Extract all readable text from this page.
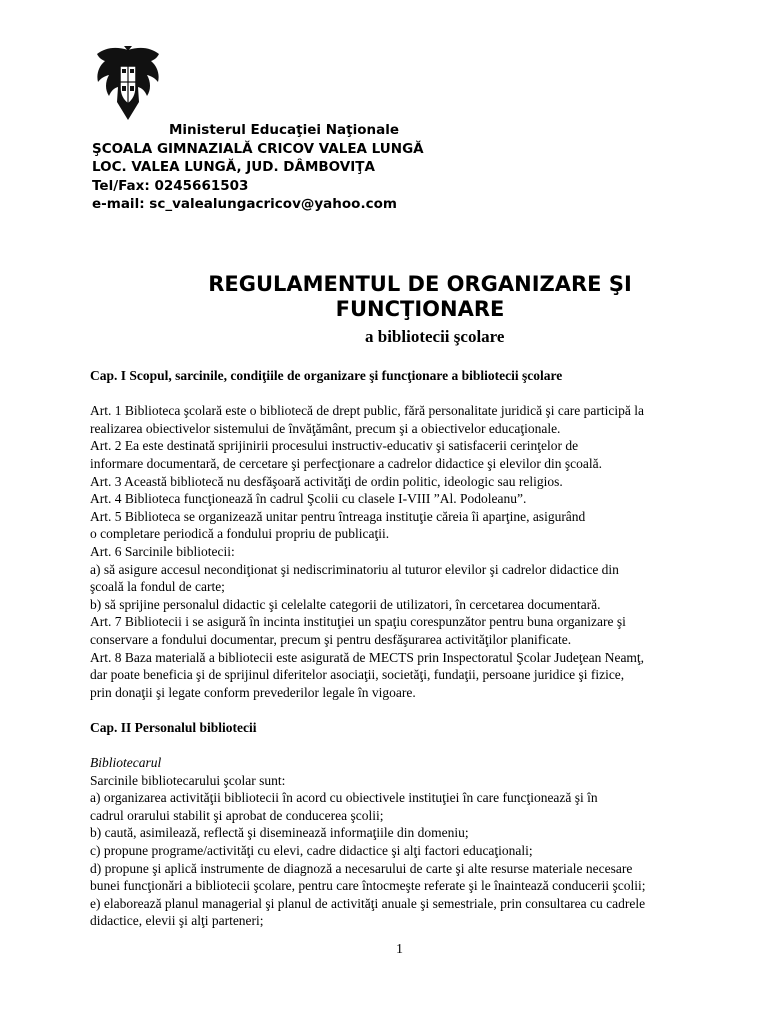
Ministerul Educaţiei Naţionale
ŞCOALA GIMNAZIALĂ CRICOV VALEA LUNGĂ
LOC. VALEA LUNGĂ, JUD. DÂMBOVIŢA
Tel/Fax: 0245661503
e-mail: sc_valealungacricov@yahoo.com
REGULAMENTUL DE ORGANIZARE ŞI
FUNCŢIONARE
a bibliotecii şcolare
Cap. I Scopul, sarcinile, condiţiile de organizare şi funcţionare a bibliotecii şcolare
Art. 1 Biblioteca şcolară este o bibliotecă de drept public, fără personalitate juridică şi care participă la
realizarea obiectivelor sistemului de învăţământ, precum şi a obiectivelor educaţionale.
Art. 2 Ea este destinată sprijinirii procesului instructiv-educativ şi satisfacerii cerinţelor de
informare documentară, de cercetare şi perfecţionare a cadrelor didactice şi elevilor din şcoală.
Art. 3 Această bibliotecă nu desfăşoară activităţi de ordin politic, ideologic sau religios.
Art. 4 Biblioteca funcţionează în cadrul Şcolii cu clasele I-VIII ”Al. Podoleanu”.
Art. 5 Biblioteca se organizează unitar pentru întreaga instituţie căreia îi aparţine, asigurând
o completare periodică a fondului propriu de publicaţii.
Art. 6 Sarcinile bibliotecii:
a) să asigure accesul necondiţionat şi nediscriminatoriu al tuturor elevilor şi cadrelor didactice din
şcoală la fondul de carte;
b) să sprijine personalul didactic şi celelalte categorii de utilizatori, în cercetarea documentară.
Art. 7 Bibliotecii i se asigură în incinta instituţiei un spaţiu corespunzător pentru buna organizare şi
conservare a fondului documentar, precum şi pentru desfăşurarea activităţilor planificate.
Art. 8 Baza materială a bibliotecii este asigurată de MECTS prin Inspectoratul Şcolar Judeţean Neamţ,
dar poate beneficia şi de sprijinul diferitelor asociaţii, societăţi, fundaţii, persoane juridice şi fizice,
prin donaţii şi legate conform prevederilor legale în vigoare.
Cap. II Personalul bibliotecii
Bibliotecarul
Sarcinile bibliotecarului şcolar sunt:
a) organizarea activităţii bibliotecii în acord cu obiectivele instituţiei în care funcţionează şi în
cadrul orarului stabilit şi aprobat de conducerea şcolii;
b) caută, asimilează, reflectă şi diseminează informaţiile din domeniu;
c) propune programe/activităţi cu elevi, cadre didactice şi alţi factori educaţionali;
d) propune şi aplică instrumente de diagnoză a necesarului de carte şi alte resurse materiale necesare
bunei funcţionări a bibliotecii şcolare, pentru care întocmeşte referate şi le înaintează conducerii şcolii;
e) elaborează planul managerial şi planul de activităţi anuale şi semestriale, prin consultarea cu cadrele
didactice, elevii şi alţi parteneri;
1
